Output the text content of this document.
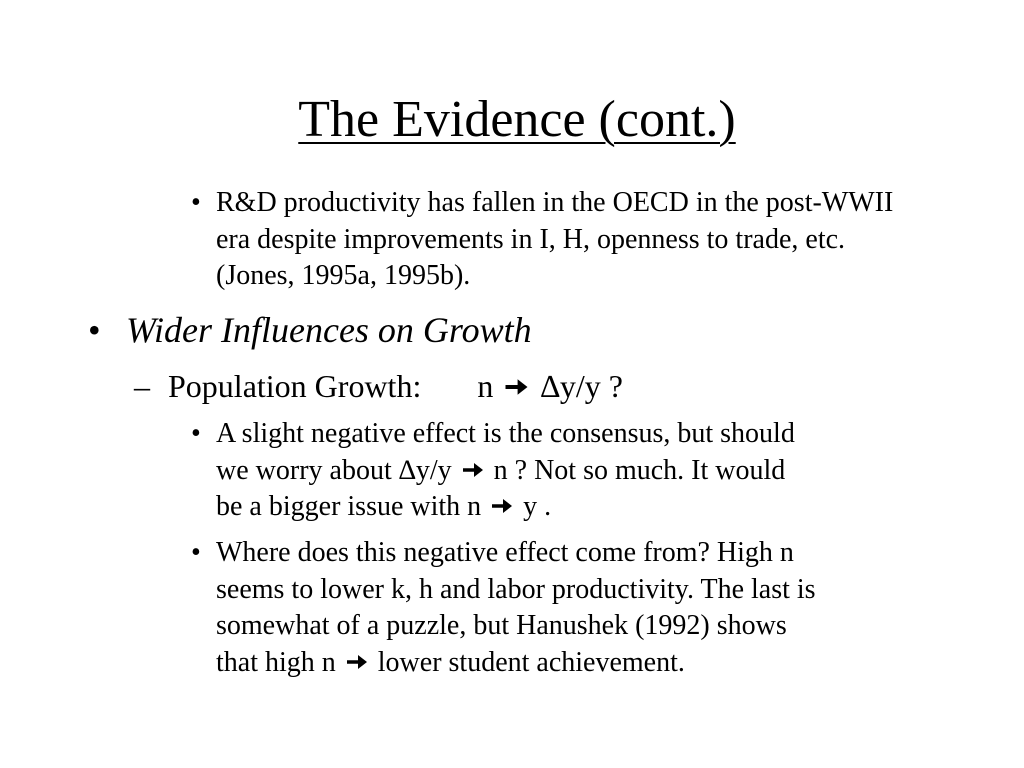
The Evidence (cont.)
• R&D productivity has fallen in the OECD in the post-WWII era despite improvements in I, H, openness to trade, etc. (Jones, 1995a, 1995b).
• Wider Influences on Growth
– Population Growth: n ∆y/y ?
• A slight negative effect is the consensus, but should
we worry about ∆y/y  n ? Not so much. It would
be a bigger issue with n y .
• Where does this negative effect come from? High n
seems to lower k, h and labor productivity. The last is
somewhat of a puzzle, but Hanushek (1992) shows
that high n lower student achievement.
